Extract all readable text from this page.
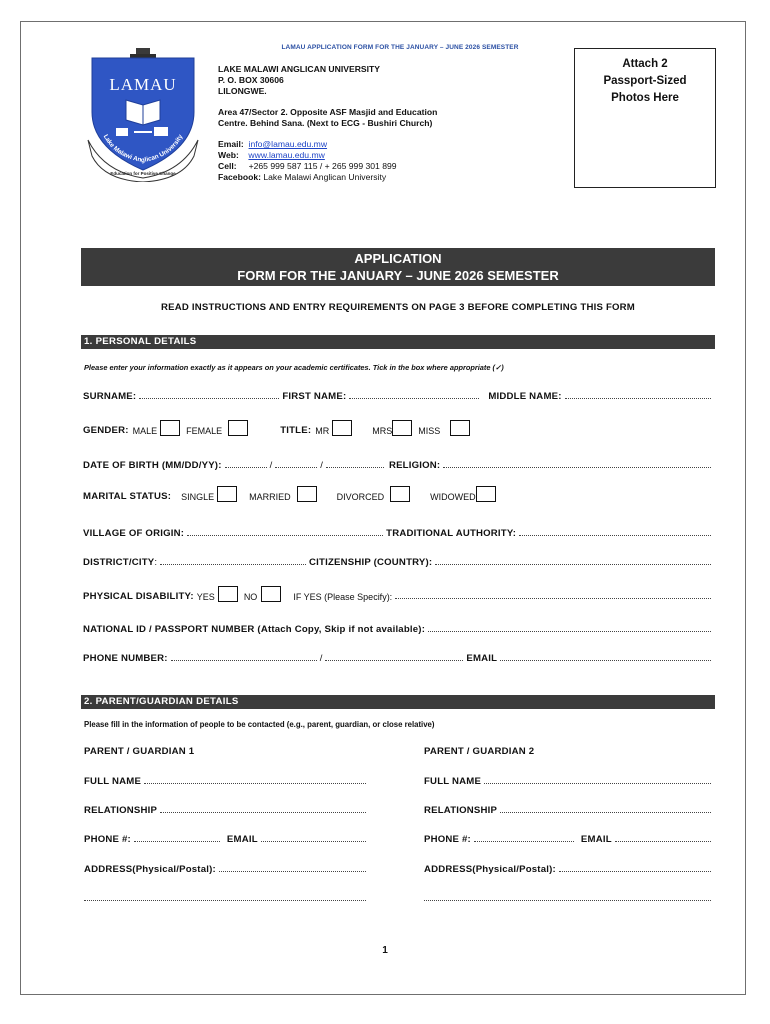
LAMAU APPLICATION FORM FOR THE JANUARY – JUNE 2026 SEMESTER
LAMAU
Education for Positive Change
Lake Malawi Anglican University
LAKE MALAWI ANGLICAN UNIVERSITY
P. O. BOX 30606
LILONGWE.
Area 47/Sector 2. Opposite ASF Masjid and Education
Centre. Behind Sana. (Next to ECG - Bushiri Church)
Email: info@lamau.edu.mw
Web: www.lamau.edu.mw
Cell: +265 999 587 115 / + 265 999 301 899
Facebook: Lake Malawi Anglican University
Attach 2
Passport-Sized
Photos Here
APPLICATION
FORM FOR THE JANUARY – JUNE 2026 SEMESTER
READ INSTRUCTIONS AND ENTRY REQUIREMENTS ON PAGE 3 BEFORE COMPLETING THIS FORM
1. PERSONAL DETAILS
Please enter your information exactly as it appears on your academic certificates. Tick in the box where appropriate (✓)
SURNAME:	FIRST NAME:	MIDDLE NAME:
GENDER : MALE	FEMALE	TITLE : MR	MRS	MISS
DATE OF BIRTH (MM/DD/YY):	/	/	RELIGION:
MARITAL STATUS : SINGLE	MARRIED	DIVORCED	WIDOWED
VILLAGE OF ORIGIN:	TRADITIONAL AUTHORITY:
DISTRICT/CITY :	CITIZENSHIP (COUNTRY):
PHYSICAL DISABILITY: YES	NO	IF YES (Please Specify):
NATIONAL ID / PASSPORT NUMBER (Attach Copy, Skip if not available):
PHONE NUMBER:	/	EMAIL
2. PARENT/GUARDIAN DETAILS
Please fill in the information of people to be contacted (e.g., parent, guardian, or close relative)
PARENT / GUARDIAN 1
FULL NAME
RELATIONSHIP
PHONE #:	EMAIL
ADDRESS(Physical/Postal):
PARENT / GUARDIAN 2
FULL NAME
RELATIONSHIP
PHONE #:	EMAIL
ADDRESS(Physical/Postal):
1
